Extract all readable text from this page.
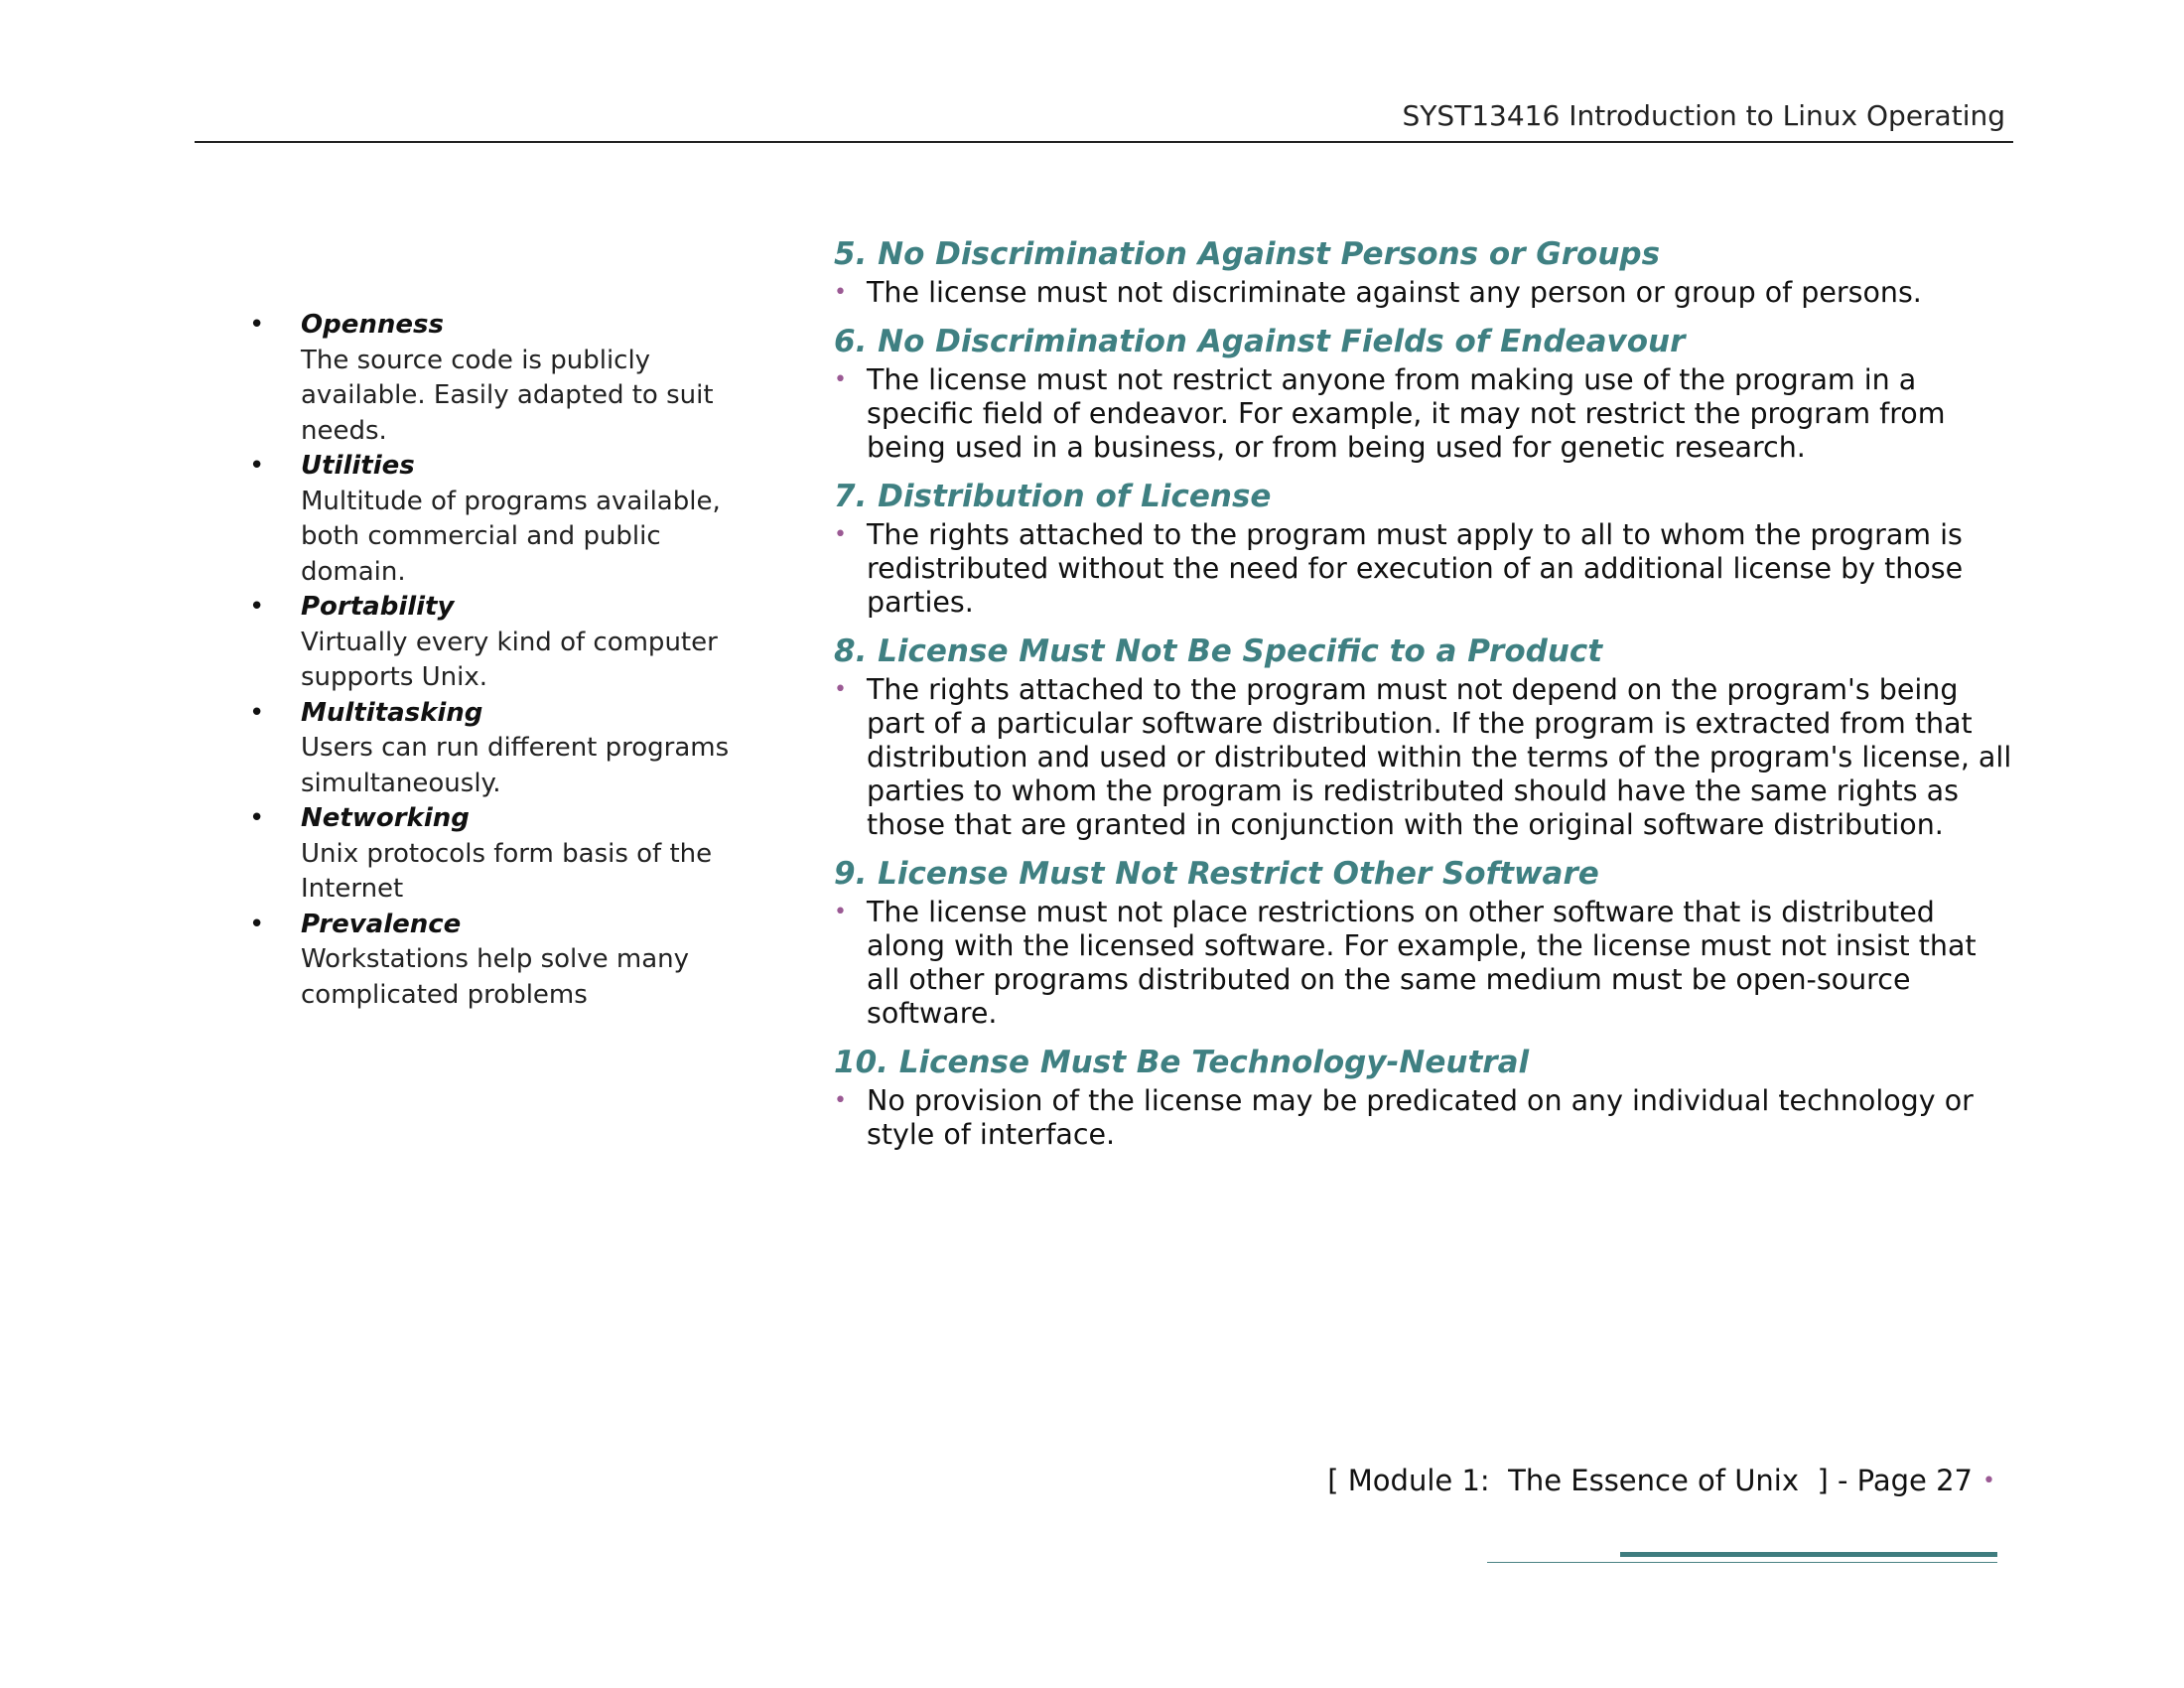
SYST13416 Introduction to Linux Operating
• Openness
The source code is publicly available. Easily adapted to suit needs.
• Utilities
Multitude of programs available, both commercial and public domain.
• Portability
Virtually every kind of computer supports Unix.
• Multitasking
Users can run different programs simultaneously.
• Networking
Unix protocols form basis of the Internet
• Prevalence
Workstations help solve many complicated problems
5. No Discrimination Against Persons or Groups
• The license must not discriminate against any person or group of persons.
6. No Discrimination Against Fields of Endeavour
• The license must not restrict anyone from making use of the program in a specific field of endeavor. For example, it may not restrict the program from being used in a business, or from being used for genetic research.
7. Distribution of License
• The rights attached to the program must apply to all to whom the program is redistributed without the need for execution of an additional license by those parties.
8. License Must Not Be Specific to a Product
• The rights attached to the program must not depend on the program's being part of a particular software distribution. If the program is extracted from that distribution and used or distributed within the terms of the program's license, all parties to whom the program is redistributed should have the same rights as those that are granted in conjunction with the original software distribution.
9. License Must Not Restrict Other Software
• The license must not place restrictions on other software that is distributed along with the licensed software. For example, the license must not insist that all other programs distributed on the same medium must be open-source software.
10. License Must Be Technology-Neutral
• No provision of the license may be predicated on any individual technology or style of interface.
[ Module 1:  The Essence of Unix  ] - Page 27 •
